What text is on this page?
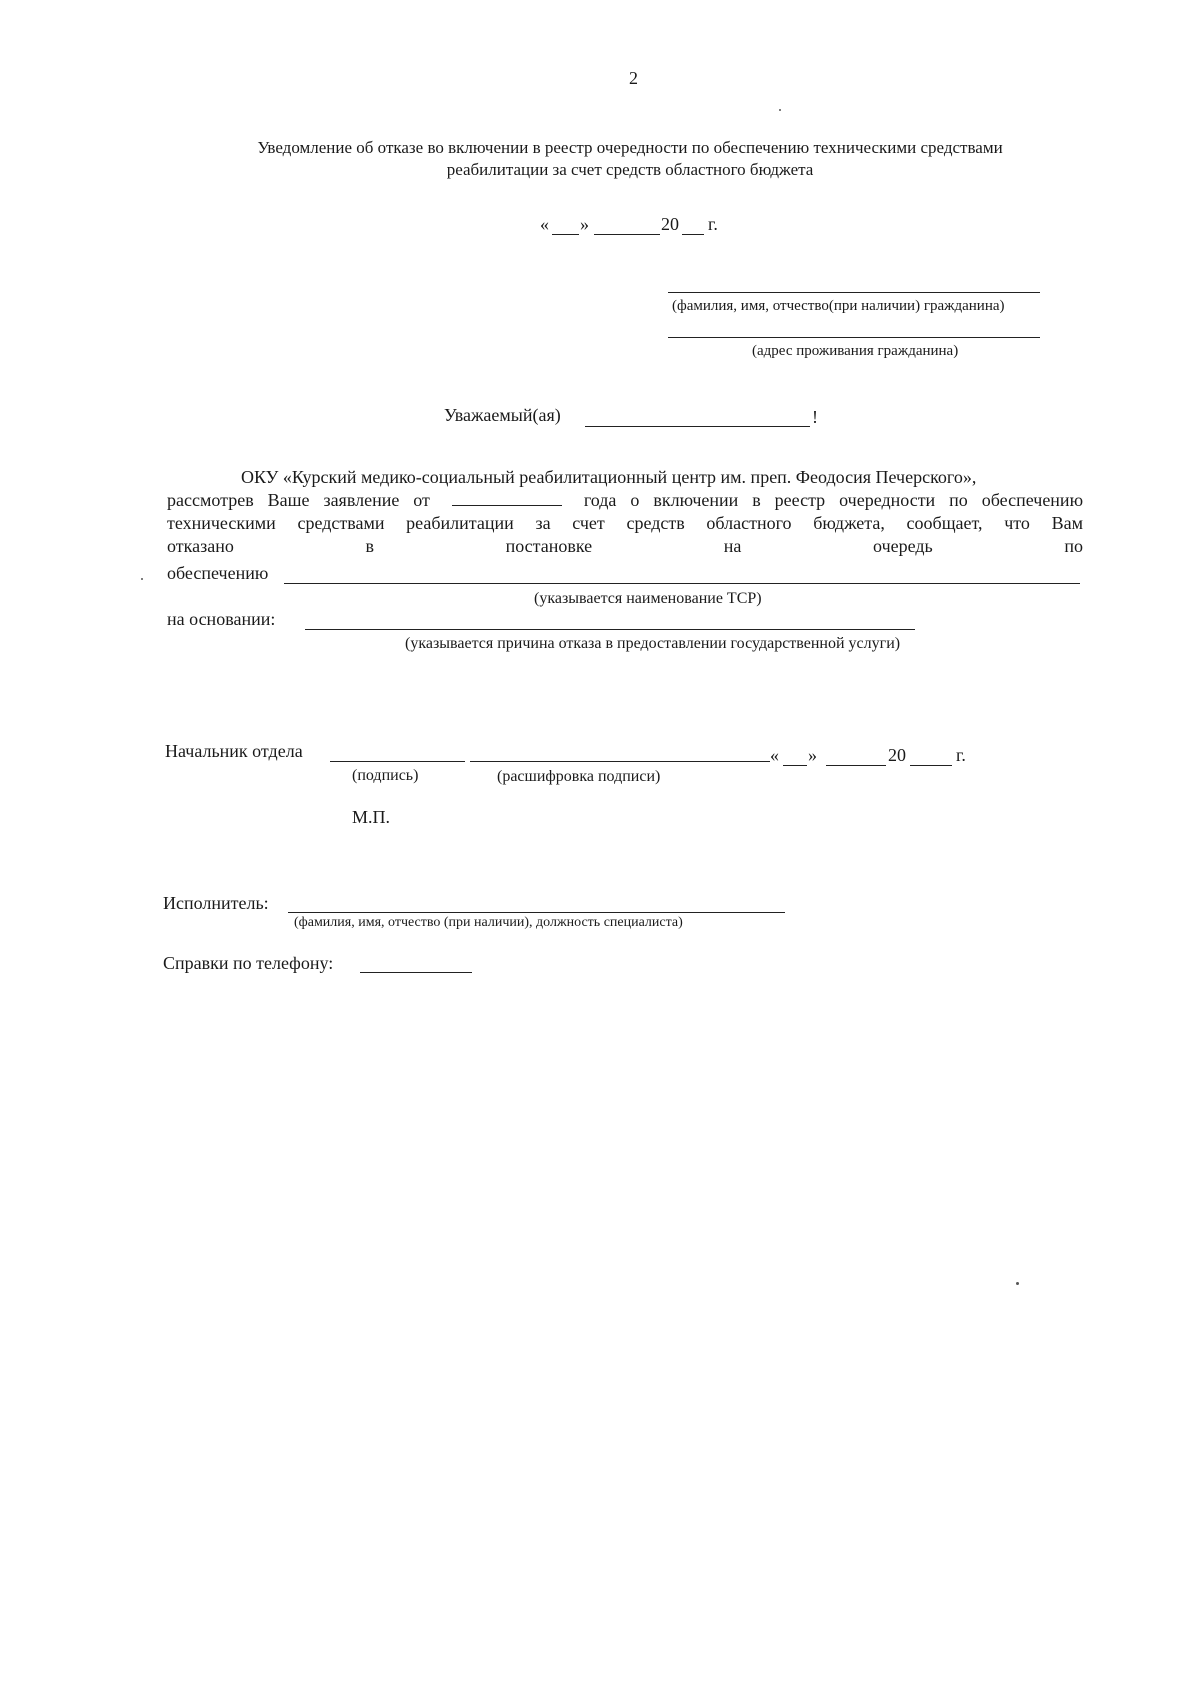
2
Уведомление об отказе во включении в реестр очередности по обеспечению техническими средствами
реабилитации за счет средств областного бюджета
« »	20 г.
(фамилия, имя, отчество(при наличии) гражданина)
(адрес проживания гражданина)
Уважаемый(ая)	!
ОКУ «Курский медико-социальный реабилитационный центр им. преп. Феодосия Печерского»,
рассмотрев Ваше заявление от	года о включении в реестр очередности по обеспечению
техническими средствами реабилитации за счет средств областного бюджета, сообщает, что Вам
отказано	в	постановке	на	очередь	по
обеспечению
(указывается наименование ТСР)
на основании:
(указывается причина отказа в предоставлении государственной услуги)
Начальник отдела	« »	20	г.
(подпись)	(расшифровка подписи)
М.П.
Исполнитель:
(фамилия, имя, отчество (при наличии), должность специалиста)
Справки по телефону:
